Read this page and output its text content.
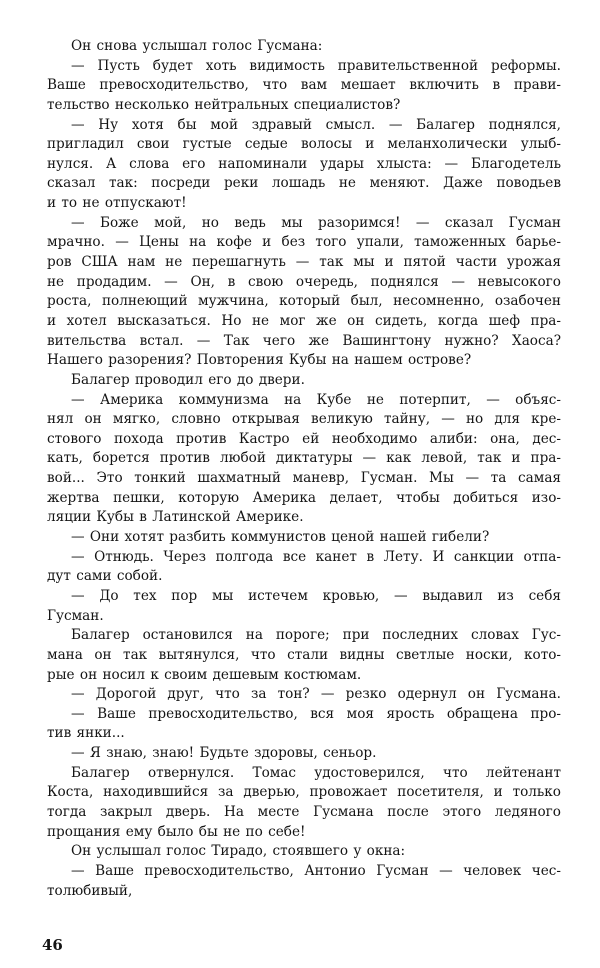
Он снова услышал голос Гусмана:
— Пусть будет хоть видимость правительственной реформы.
Ваше превосходительство, что вам мешает включить в прави-
тельство несколько нейтральных специалистов?
— Ну хотя бы мой здравый смысл. — Балагер поднялся,
пригладил свои густые седые волосы и меланхолически улыб-
нулся. А слова его напоминали удары хлыста: — Благодетель
сказал так: посреди реки лошадь не меняют. Даже поводьев
и то не отпускают!
— Боже мой, но ведь мы разоримся! — сказал Гусман
мрачно. — Цены на кофе и без того упали, таможенных барье-
ров США нам не перешагнуть — так мы и пятой части урожая
не продадим. — Он, в свою очередь, поднялся — невысокого
роста, полнеющий мужчина, который был, несомненно, озабочен
и хотел высказаться. Но не мог же он сидеть, когда шеф пра-
вительства встал. — Так чего же Вашингтону нужно? Хаоса?
Нашего разорения? Повторения Кубы на нашем острове?
Балагер проводил его до двери.
— Америка коммунизма на Кубе не потерпит, — объяс-
нял он мягко, словно открывая великую тайну, — но для кре-
стового похода против Кастро ей необходимо алиби: она, дес-
кать, борется против любой диктатуры — как левой, так и пра-
вой... Это тонкий шахматный маневр, Гусман. Мы — та самая
жертва пешки, которую Америка делает, чтобы добиться изо-
ляции Кубы в Латинской Америке.
— Они хотят разбить коммунистов ценой нашей гибели?
— Отнюдь. Через полгода все канет в Лету. И санкции отпа-
дут сами собой.
— До тех пор мы истечем кровью, — выдавил из себя
Гусман.
Балагер остановился на пороге; при последних словах Гус-
мана он так вытянулся, что стали видны светлые носки, кото-
рые он носил к своим дешевым костюмам.
— Дорогой друг, что за тон? — резко одернул он Гусмана.
— Ваше превосходительство, вся моя ярость обращена про-
тив янки...
— Я знаю, знаю! Будьте здоровы, сеньор.
Балагер отвернулся. Томас удостоверился, что лейтенант
Коста, находившийся за дверью, провожает посетителя, и только
тогда закрыл дверь. На месте Гусмана после этого ледяного
прощания ему было бы не по себе!
Он услышал голос Тирадо, стоявшего у окна:
— Ваше превосходительство, Антонио Гусман — человек чес-
толюбивый,
46
